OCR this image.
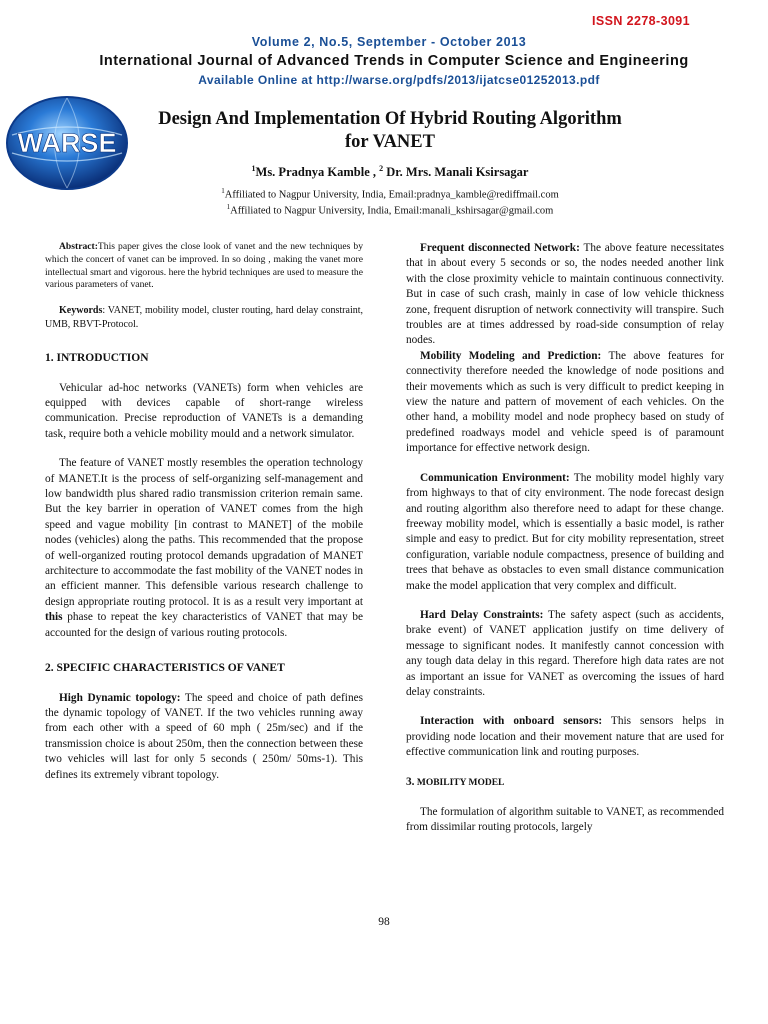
ISSN 2278-3091
Volume 2, No.5, September - October 2013
International Journal of Advanced Trends in Computer Science and Engineering
Available Online at http://warse.org/pdfs/2013/ijatcse01252013.pdf
WARSE
Design And Implementation Of Hybrid Routing Algorithm
for VANET
$^1$Ms. Pradnya Kamble , $^2$ Dr. Mrs. Manali Ksirsagar
$^1$Affiliated to Nagpur University, India, Email:pradnya_kamble@rediffmail.com
$^1$Affiliated to Nagpur University, India, Email:manali_kshirsagar@gmail.com

Abstract:This paper gives the close look of vanet and the new techniques by which the concert of vanet can be improved. In so doing , making the vanet more intellectual smart and vigorous. here the hybrid techniques are used to measure the various parameters of vanet.

Keywords: VANET, mobility model, cluster routing, hard delay constraint, UMB, RBVT-Protocol.

1. INTRODUCTION

Vehicular ad-hoc networks (VANETs) form when vehicles are equipped with devices capable of short-range wireless communication. Precise reproduction of VANETs is a demanding task, require both a vehicle mobility mould and a network simulator.

The feature of VANET mostly resembles the operation technology of MANET.It is the process of self-organizing self-management and low bandwidth plus shared radio transmission criterion remain same. But the key barrier in operation of VANET comes from the high speed and vague mobility [in contrast to MANET] of the mobile nodes (vehicles) along the paths. This recommended that the propose of well-organized routing protocol demands upgradation of MANET architecture to accommodate the fast mobility of the VANET nodes in an efficient manner. This defensible various research challenge to design appropriate routing protocol. It is as a result very important at this phase to repeat the key characteristics of VANET that may be accounted for the design of various routing protocols.

2. SPECIFIC CHARACTERISTICS OF VANET

High Dynamic topology: The speed and choice of path defines the dynamic topology of VANET. If the two vehicles running away from each other with a speed of 60 mph ( 25m/sec) and if the transmission choice is about 250m, then the connection between these two vehicles will last for only 5 seconds ( 250m/ 50ms-1). This defines its extremely vibrant topology.

Frequent disconnected Network: The above feature necessitates that in about every 5 seconds or so, the nodes needed another link with the close proximity vehicle to maintain continuous connectivity. But in case of such crash, mainly in case of low vehicle thickness zone, frequent disruption of network connectivity will transpire. Such troubles are at times addressed by road-side consumption of relay nodes.

Mobility Modeling and Prediction: The above features for connectivity therefore needed the knowledge of node positions and their movements which as such is very difficult to predict keeping in view the nature and pattern of movement of each vehicles. On the other hand, a mobility model and node prophecy based on study of predefined roadways model and vehicle speed is of paramount importance for effective network design.

Communication Environment: The mobility model highly vary from highways to that of city environment. The node forecast design and routing algorithm also therefore need to adapt for these change. freeway mobility model, which is essentially a basic model, is rather simple and easy to predict. But for city mobility representation, street configuration, variable nodule compactness, presence of building and trees that behave as obstacles to even small distance communication make the model application that very complex and difficult.

Hard Delay Constraints: The safety aspect (such as accidents, brake event) of VANET application justify on time delivery of message to significant nodes. It manifestly cannot concession with any tough data delay in this regard. Therefore high data rates are not as important an issue for VANET as overcoming the issues of hard delay constraints.

Interaction with onboard sensors: This sensors helps in providing node location and their movement nature that are used for effective communication link and routing purposes.

3. MOBILITY MODEL

The formulation of algorithm suitable to VANET, as recommended from dissimilar routing protocols, largely

98
